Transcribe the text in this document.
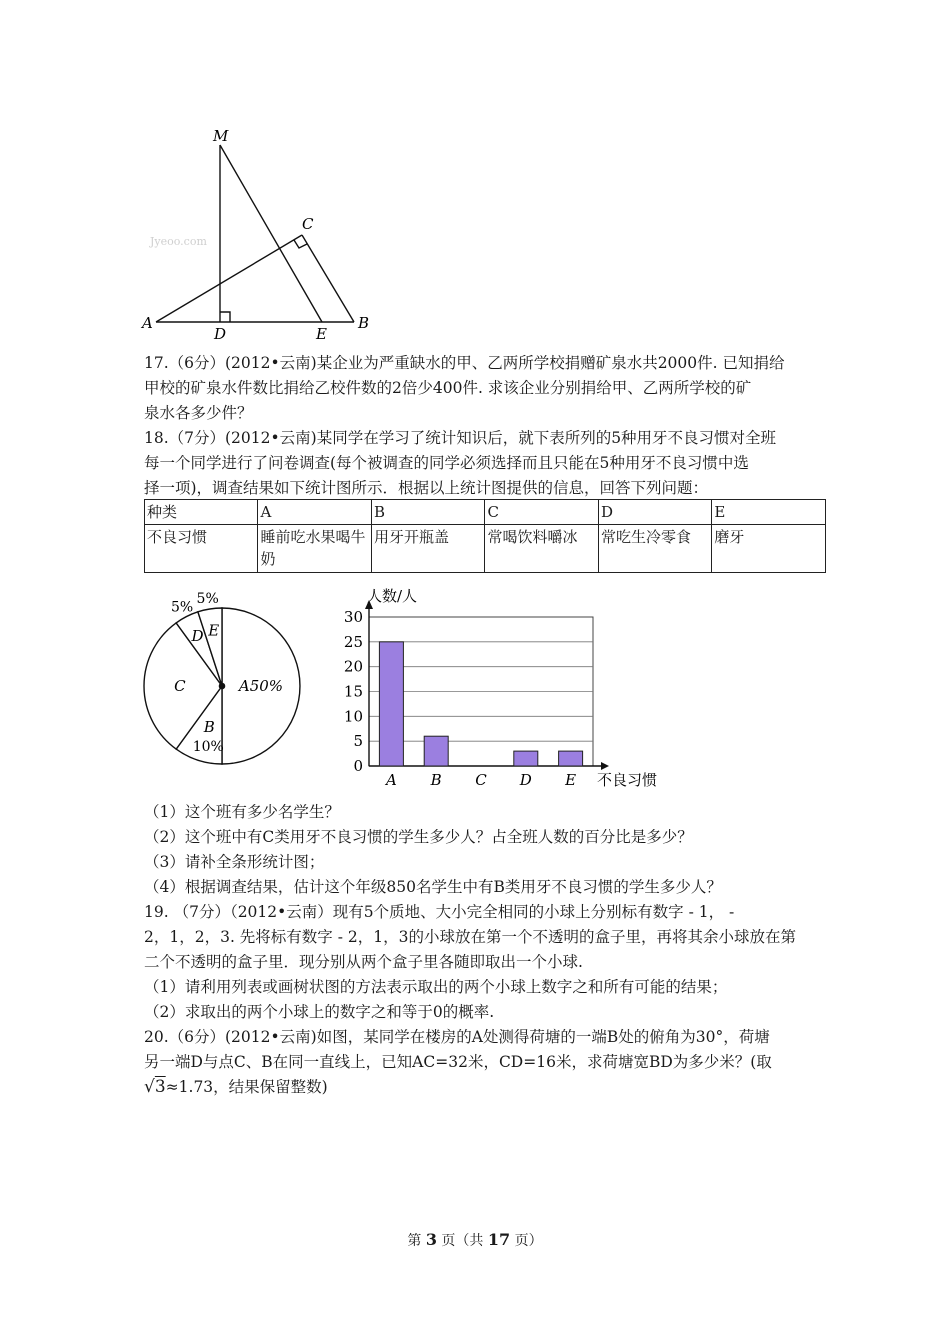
Jyeoo.com
M
C
A
D	E
B
17.（6分）(2012•云南)某企业为严重缺水的甲、乙两所学校捐赠矿泉水共2000件. 已知捐给
甲校的矿泉水件数比捐给乙校件数的2倍少400件. 求该企业分别捐给甲、乙两所学校的矿
泉水各多少件？
18.（7分）(2012•云南)某同学在学习了统计知识后，就下表所列的5种用牙不良习惯对全班
每一个同学进行了问卷调查(每个被调查的同学必须选择而且只能在5种用牙不良习惯中选
择一项)，调查结果如下统计图所示．根据以上统计图提供的信息，回答下列问题：
种类	A	B	C	D	E
不良习惯	睡前吃水果喝牛奶	用牙开瓶盖	常喝饮料嚼冰	常吃生冷零食	磨牙
A50%
B
10%
C
D
5%
E
5%
0
5
10
15
20
25
30
A B C D E
人数/人
不良习惯
（1）这个班有多少名学生？
（2）这个班中有C类用牙不良习惯的学生多少人？占全班人数的百分比是多少？
（3）请补全条形统计图；
（4）根据调查结果，估计这个年级850名学生中有B类用牙不良习惯的学生多少人？
19. （7分）（2012•云南）现有5个质地、大小完全相同的小球上分别标有数字 - 1， -
2，1，2，3. 先将标有数字 - 2，1，3的小球放在第一个不透明的盒子里，再将其余小球放在第
二个不透明的盒子里．现分别从两个盒子里各随即取出一个小球.
（1）请利用列表或画树状图的方法表示取出的两个小球上数字之和所有可能的结果；
（2）求取出的两个小球上的数字之和等于0的概率.
20.（6分）(2012•云南)如图，某同学在楼房的A处测得荷塘的一端B处的俯角为30°，荷塘
另一端D与点C、B在同一直线上，已知AC=32米，CD=16米，求荷塘宽BD为多少米？(取
√3≈1.73，结果保留整数)
第 3 页（共 17 页）
